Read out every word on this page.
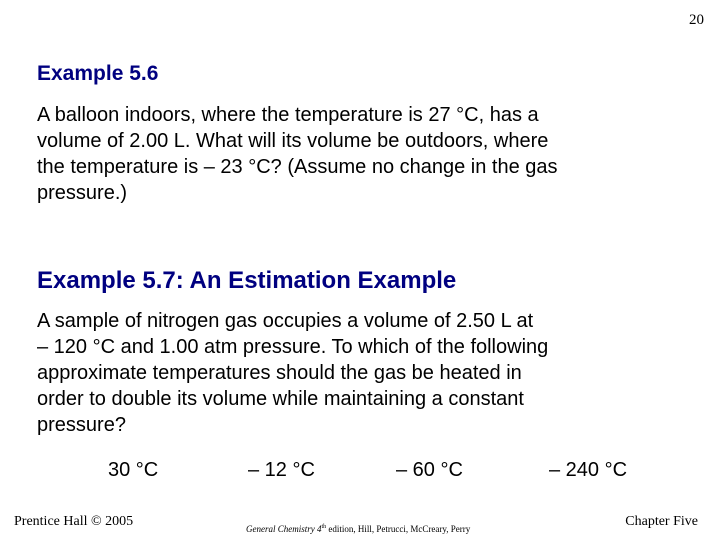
20
Example 5.6

A balloon indoors, where the temperature is 27 °C, has a
volume of 2.00 L. What will its volume be outdoors, where
the temperature is – 23 °C? (Assume no change in the gas
pressure.)

Example 5.7: An Estimation Example

A sample of nitrogen gas occupies a volume of 2.50 L at
– 120 °C and 1.00 atm pressure. To which of the following
approximate temperatures should the gas be heated in
order to double its volume while maintaining a constant
pressure?

30 °C	– 12 °C	– 60 °C	– 240 °C
Prentice Hall © 2005	General Chemistry 4th edition, Hill, Petrucci, McCreary, Perry	Chapter Five
